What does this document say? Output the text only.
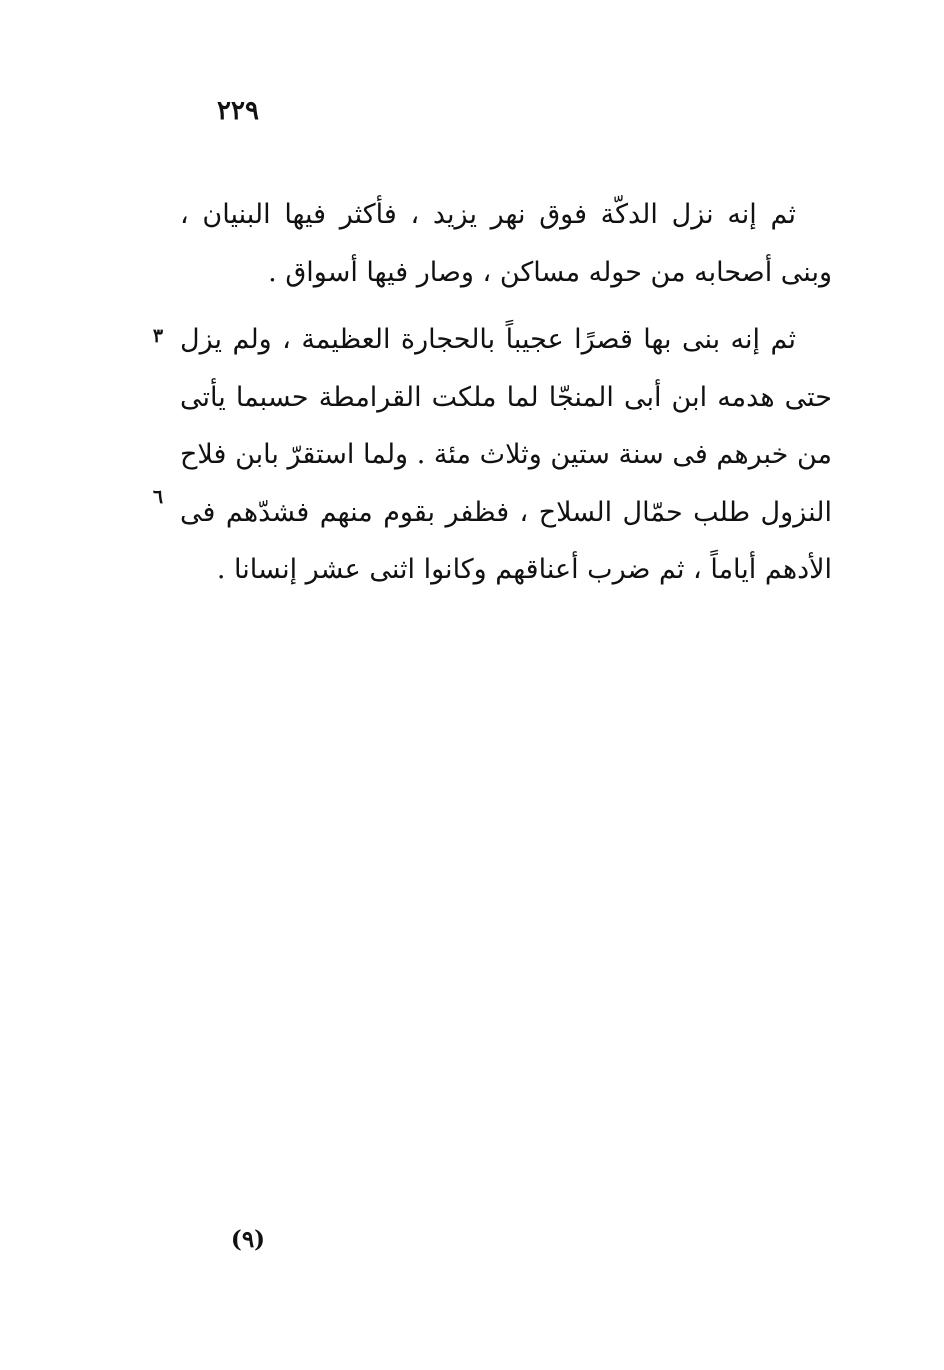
٢٢٩
٣
٦

ثم إنه نزل الدكّة فوق نهر يزيد ، فأكثر فيها البنيان ، وبنى أصحابه من حوله مساكن ، وصار فيها أسواق .

ثم إنه بنى بها قصرًا عجيباً بالحجارة العظيمة ، ولم يزل حتى هدمه ابن أبى المنجّا لما ملكت القرامطة حسبما يأتى من خبرهم فى سنة ستين وثلاث مئة . ولما استقرّ بابن فلاح النزول طلب حمّال السلاح ، فظفر بقوم منهم فشدّهم فى الأدهم أياماً ، ثم ضرب أعناقهم وكانوا اثنى عشر إنسانا .

(٩)
